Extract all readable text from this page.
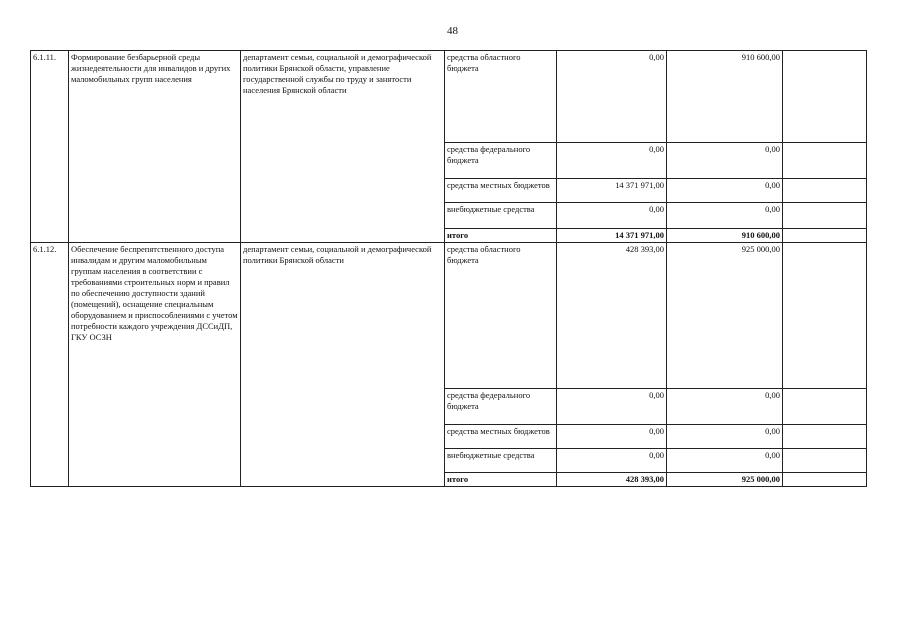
48
6.1.11.	Формирование безбарьерной среды жизнедеятельности для инвалидов и других маломобильных групп населения	департамент семьи, социальной и демографической политики Брянской области, управление государственной службы по труду и занятости населения Брянской области	средства областного бюджета	0,00	910 600,00	
			средства федерального бюджета	0,00	0,00	
			средства местных бюджетов	14 371 971,00	0,00	
			внебюджетные средства	0,00	0,00	
			итого	14 371 971,00	910 600,00	
6.1.12.	Обеспечение беспрепятственного доступа инвалидам и другим маломобильным группам населения в соответствии с требованиями строительных норм и правил по обеспечению доступности зданий (помещений), оснащение специальным оборудованием и приспособлениями с учетом потребности каждого учреждения ДССиДП, ГКУ ОСЗН	департамент семьи, социальной и демографической политики Брянской области	средства областного бюджета	428 393,00	925 000,00	
			средства федерального бюджета	0,00	0,00	
			средства местных бюджетов	0,00	0,00	
			внебюджетные средства	0,00	0,00	
			итого	428 393,00	925 000,00	
